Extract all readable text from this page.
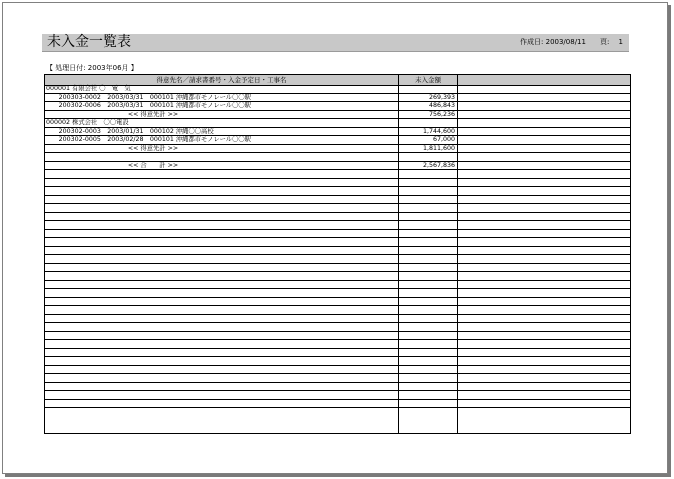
未入金一覧表	作成日: 2003/08/11　　頁:　 1
【 処理日付: 2003年06月 】
得意先名／請求書番号・入金予定日・工事名	未入金額
000001 有限会社 〇　電　気
　　200303-0002　2003/03/31　000101 沖縄都市モノレール〇〇駅	269,393
　　200302-0006　2003/03/31　000101 沖縄都市モノレール〇〇駅	486,843
　　　　　　　　　　　　　<< 得意先計 >>	756,236
000002 株式会社　〇〇電設
　　200302-0003　2003/01/31　000102 沖縄〇〇高校	1,744,600
　　200302-0005　2003/02/28　000101 沖縄都市モノレール〇〇駅	67,000
　　　　　　　　　　　　　<< 得意先計 >>	1,811,600
　　　　　　　　　　　　　<< 合　　計 >>	2,567,836
